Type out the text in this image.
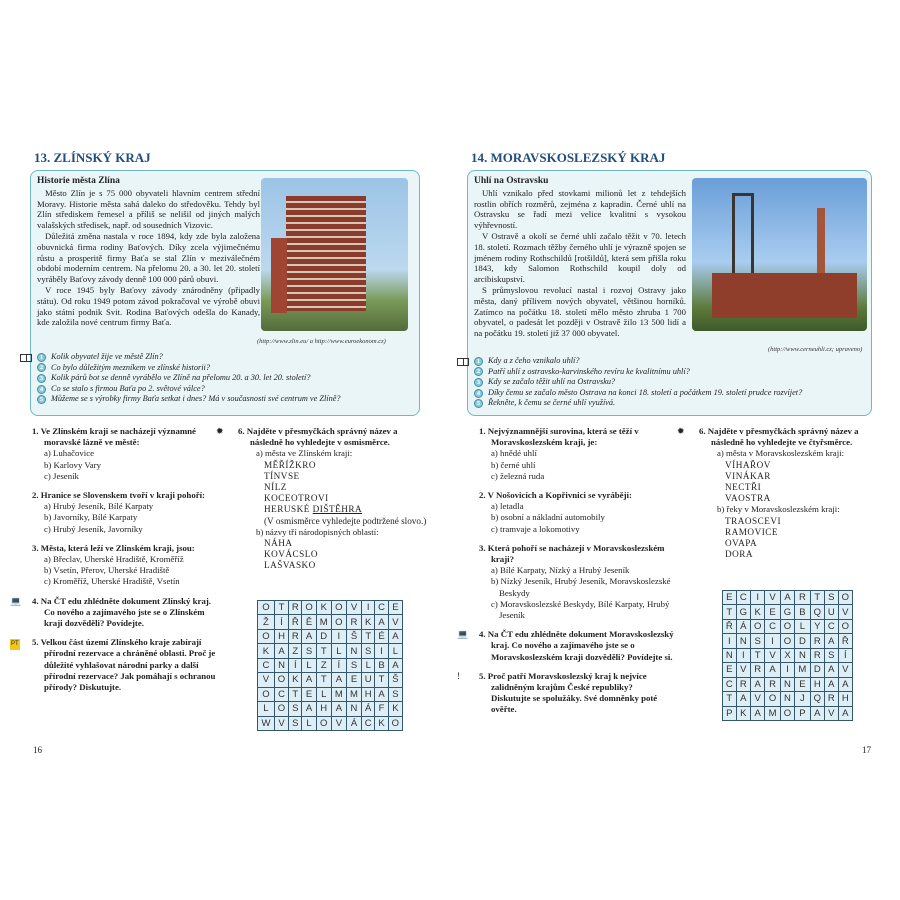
13. ZLÍNSKÝ KRAJ
Historie města Zlína

Město Zlín je s 75 000 obyvateli hlavním centrem střední Moravy. Historie města sahá daleko do středověku. Tehdy byl Zlín střediskem řemesel a příliš se nelišil od jiných malých valašských středisek, např. od sousedních Vizovic.

Důležitá změna nastala v roce 1894, kdy zde byla založena obuvnická firma rodiny Baťových. Díky zcela výjimečnému růstu a prosperitě firmy Baťa se stal Zlín v meziválečném období moderním centrem. Na přelomu 20. a 30. let 20. století vyráběly Baťovy závody denně 100 000 párů obuvi.

V roce 1945 byly Baťovy závody znárodněny (připadly státu). Od roku 1949 potom závod pokračoval ve výrobě obuvi jako státní podnik Svit. Rodina Baťových odešla do Kanady, kde založila nové centrum firmy Baťa.

(http://www.zlin.eu/ a http://www.euroekonom.cz)
1 Kolik obyvatel žije ve městě Zlín?
2 Co bylo důležitým mezníkem ve zlínské historii?
3 Kolik párů bot se denně vyrábělo ve Zlíně na přelomu 20. a 30. let 20. století?
4 Co se stalo s firmou Baťa po 2. světové válce?
5 Můžeme se s výrobky firmy Baťa setkat i dnes? Má v současnosti své centrum ve Zlíně?
1. Ve Zlínském kraji se nacházejí významné moravské lázně ve městě:
a) Luhačovice
b) Karlovy Vary
c) Jeseník
2. Hranice se Slovenskem tvoří v kraji pohoří:
a) Hrubý Jeseník, Bílé Karpaty
b) Javorníky, Bílé Karpaty
c) Hrubý Jeseník, Javorníky
3. Města, která leží ve Zlínském kraji, jsou:
a) Břeclav, Uherské Hradiště, Kroměříž
b) Vsetín, Přerov, Uherské Hradiště
c) Kroměříž, Uherské Hradiště, Vsetín
💻 4. Na ČT edu zhlédněte dokument Zlínský kraj. Co nového a zajímavého jste se o Zlínském kraji dozvěděli? Povídejte.
PT 5. Velkou část území Zlínského kraje zabírají přírodní rezervace a chráněné oblasti. Proč je důležité vyhlašovat národní parky a další přírodní rezervace? Jak pomáhají s ochranou přírody? Diskutujte.
✹ 6. Najděte v přesmyčkách správný název a následně ho vyhledejte v osmisměrce.
a) města ve Zlínském kraji:
MĚŘÍŽKRO
TÍNVSE
NÍLZ
KOCEOTROVI
HERUSKÉ DIŠTĚHRA
(V osmisměrce vyhledejte podtržené slovo.)
b) názvy tří národopisných oblastí:
NÁHA
KOVÁCSLO
LAŠVASKO
O	T	R	O	K	O	V	I	C	E
Ž	Í	Ř	Ě	M	O	R	K	A	V
O	H	R	A	D	I	Š	T	É	A
K	A	Z	S	T	L	N	S	I	L
C	N	Í	L	Z	Í	S	L	B	A
V	O	K	A	T	A	E	U	T	Š
O	C	T	E	L	M	M	H	A	S
L	O	S	A	H	A	N	Á	F	K
W	V	S	L	O	V	Á	C	K	O
16
14. MORAVSKOSLEZSKÝ KRAJ
Uhlí na Ostravsku

Uhlí vznikalo před stovkami milionů let z tehdejších rostlin obřích rozměrů, zejména z kapradin. Černé uhlí na Ostravsku se řadí mezi velice kvalitní s vysokou výhřevností.

V Ostravě a okolí se černé uhlí začalo těžit v 70. letech 18. století. Rozmach těžby černého uhlí je výrazně spojen se jménem rodiny Rothschildů [rotšildů], která sem přišla roku 1843, kdy Salomon Rothschild koupil doly od arcibiskupství.

S průmyslovou revolucí nastal i rozvoj Ostravy jako města, daný přílivem nových obyvatel, většinou horníků. Zatímco na počátku 18. století mělo město zhruba 1 700 obyvatel, o padesát let později v Ostravě žilo 13 500 lidí a na počátku 19. století již 37 000 obyvatel.

(http://www.cerneuhli.cz; upraveno)
1 Kdy a z čeho vznikalo uhlí?
2 Patří uhlí z ostravsko-karvinského revíru ke kvalitnímu uhlí?
3 Kdy se začalo těžit uhlí na Ostravsku?
4 Díky čemu se začalo město Ostrava na konci 18. století a počátkem 19. století prudce rozvíjet?
5 Řekněte, k čemu se černé uhlí využívá.
1. Nejvýznamnější surovina, která se těží v Moravskoslezském kraji, je:
a) hnědé uhlí
b) černé uhlí
c) železná ruda
2. V Nošovicích a Kopřivnici se vyrábějí:
a) letadla
b) osobní a nákladní automobily
c) tramvaje a lokomotivy
3. Která pohoří se nacházejí v Moravskoslezském kraji?
a) Bílé Karpaty, Nízký a Hrubý Jeseník
b) Nízký Jeseník, Hrubý Jeseník, Moravskoslezské Beskydy
c) Moravskoslezské Beskydy, Bílé Karpaty, Hrubý Jeseník
💻 4. Na ČT edu zhlédněte dokument Moravskoslezský kraj. Co nového a zajímavého jste se o Moravskoslezském kraji dozvěděli? Povídejte si.
! 5. Proč patří Moravskoslezský kraj k nejvíce zalidněným krajům České republiky? Diskutujte se spolužáky. Své domněnky poté ověřte.
✹ 6. Najděte v přesmyčkách správný název a následně ho vyhledejte ve čtyřsměrce.
a) města v Moravskoslezském kraji:
VÍHAŘOV
VINÁKAR
NECTŘI
VAOSTRA
b) řeky v Moravskoslezském kraji:
TRAOSCEVI
RAMOVICE
OVAPA
DORA
E	C	I	V	A	R	T	S	O
T	G	K	E	G	B	Q	U	V
Ř	Á	O	C	O	L	Y	C	O
I	N	S	I	O	D	R	A	Ř
N	I	T	V	X	N	R	S	Í
E	V	R	A	I	M	D	A	V
C	R	A	R	N	E	H	A	A
T	A	V	O	N	J	Q	R	H
P	K	A	M	O	P	A	V	A
17
